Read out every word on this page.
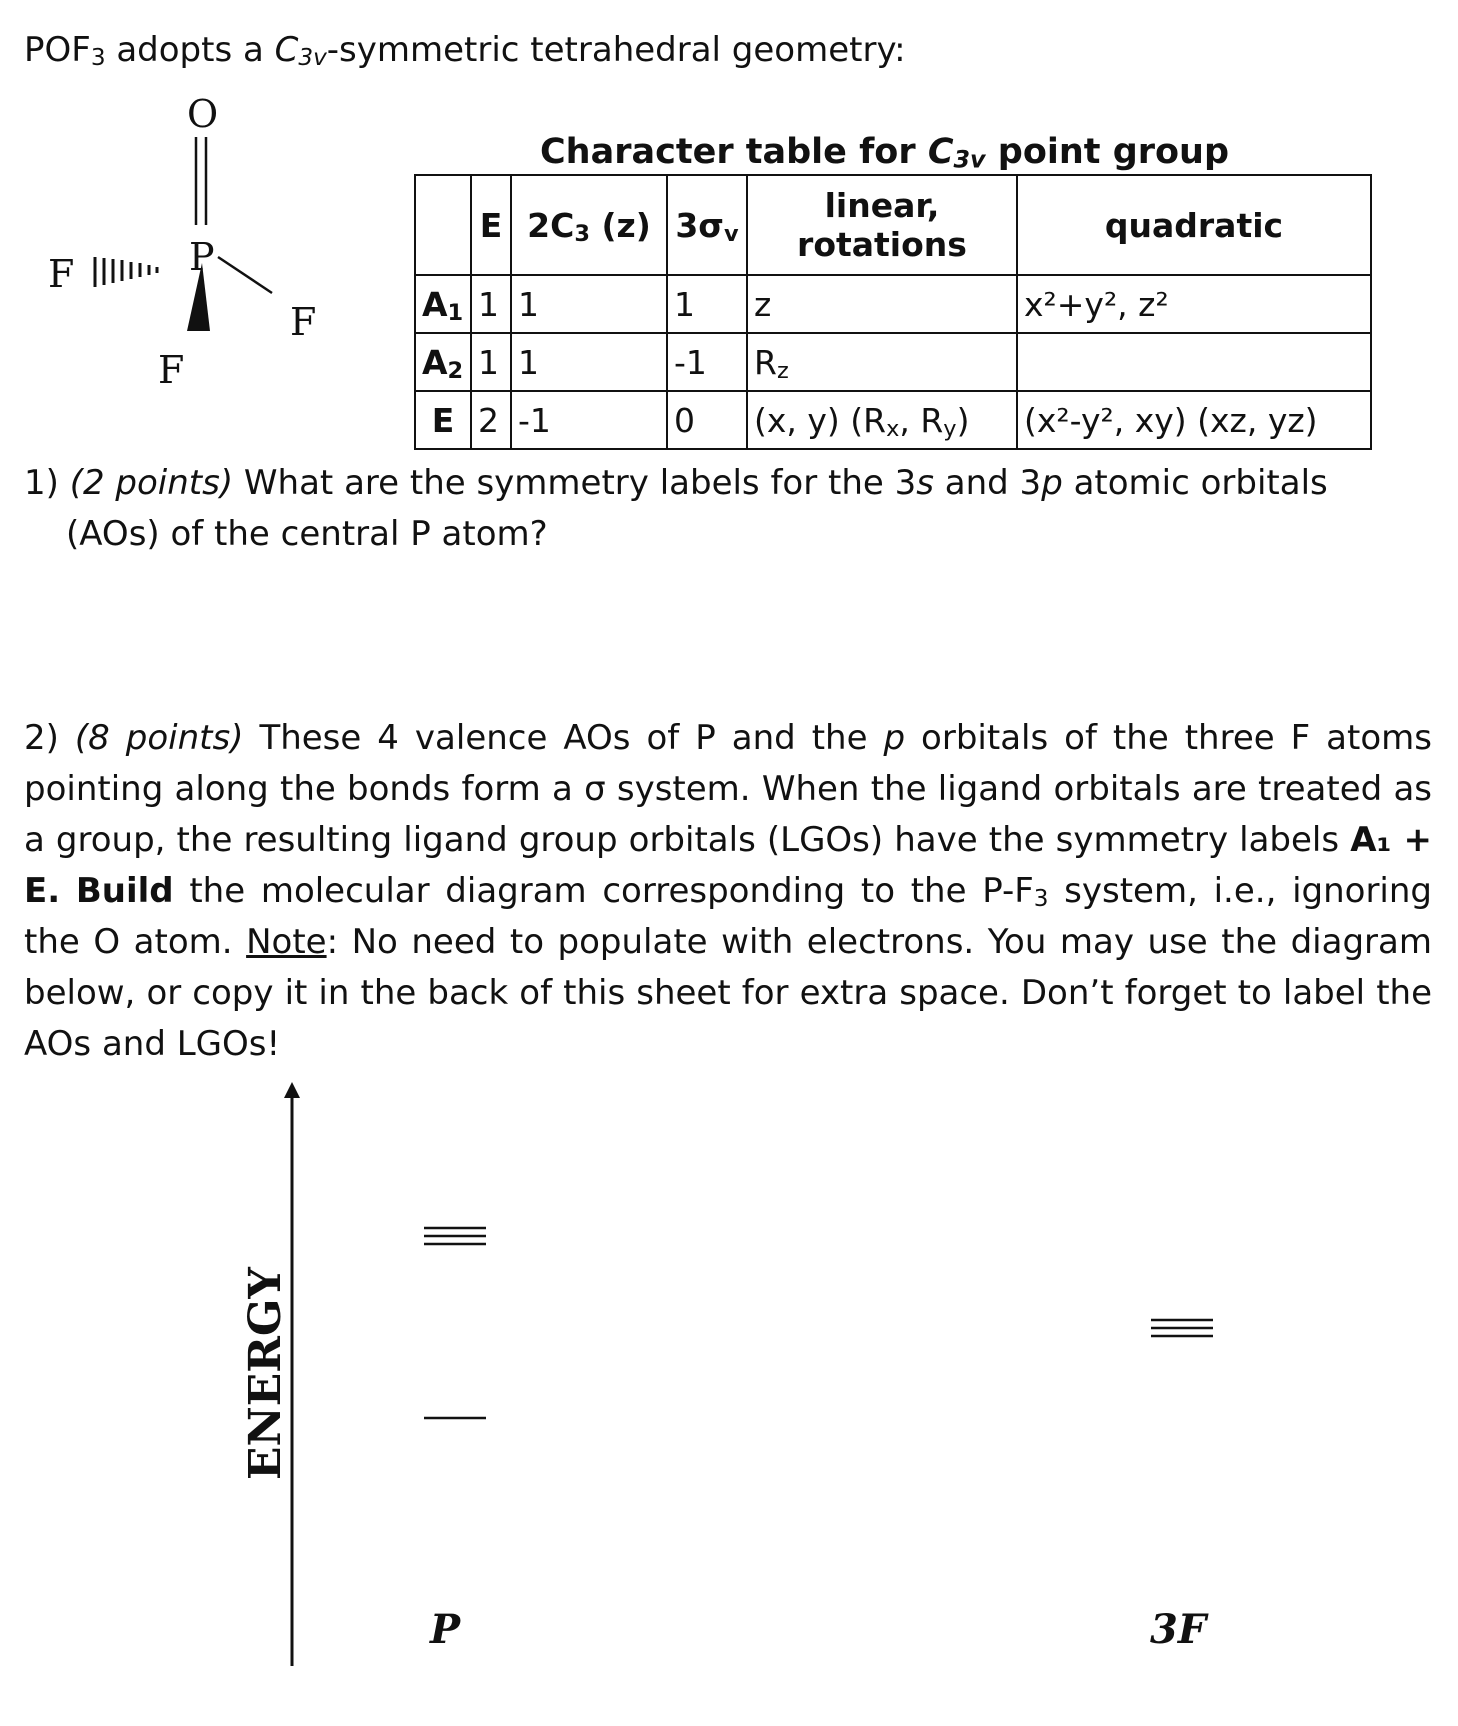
$POF_3$ adopts a $C_{3v}$-symmetric tetrahedral geometry:
O
P
F
F
F
Character table for $C_{3v}$ point group
	E	$2C_3$ (z)	$3\sigma_v$	linear,
rotations	quadratic
$A_1$	1	1	1	z	x²+y², z²
$A_2$	1	1	-1	$R_z$	
E	2	-1	0	(x, y) ($R_x$, $R_y$)	(x²-y², xy) (xz, yz)
1) (2 points) What are the symmetry labels for the 3s and 3p atomic orbitals
(AOs) of the central P atom?
2) (8 points) These 4 valence AOs of P and the p orbitals of the three F atoms pointing along the bonds form a σ system. When the ligand orbitals are treated as a group, the resulting ligand group orbitals (LGOs) have the symmetry labels A₁ + E. Build the molecular diagram corresponding to the $P-F_3$ system, i.e., ignoring the O atom. Note: No need to populate with electrons. You may use the diagram below, or copy it in the back of this sheet for extra space. Don’t forget to label the AOs and LGOs!
ENERGY
P	3F
